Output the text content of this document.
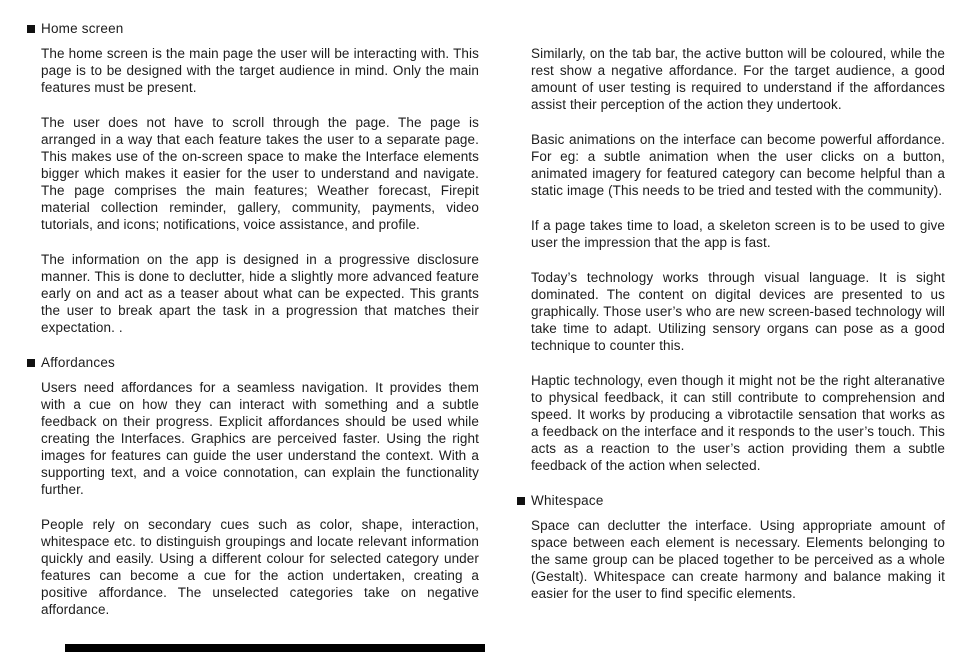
Home screen

The home screen is the main page the user will be interacting with. This page is to be designed with the target audience in mind. Only the main features must be present.

The user does not have to scroll through the page. The page is arranged in a way that each feature takes the user to a separate page. This makes use of the on-screen space to make the Interface elements bigger which makes it easier for the user to understand and navigate. The page comprises the main features; Weather forecast, Firepit material collection reminder, gallery, community, payments, video tutorials, and icons; notifications, voice assistance, and profile.

The information on the app is designed in a progressive disclosure manner. This is done to declutter, hide a slightly more advanced feature early on and act as a teaser about what can be expected. This grants the user to break apart the task in a progression that matches their expectation. .

Affordances

Users need affordances for a seamless navigation. It provides them with a cue on how they can interact with something and a subtle feedback on their progress. Explicit affordances should be used while creating the Interfaces. Graphics are perceived faster. Using the right images for features can guide the user understand the context. With a supporting text, and a voice connotation, can explain the functionality further.

People rely on secondary cues such as color, shape, interaction, whitespace etc. to distinguish groupings and locate relevant information quickly and easily. Using a different colour for selected category under features can become a cue for the action undertaken, creating a positive affordance. The unselected categories take on negative affordance.

Similarly, on the tab bar, the active button will be coloured, while the rest show a negative affordance. For the target audience, a good amount of user testing is required to understand if the affordances assist their perception of the action they undertook.

Basic animations on the interface can become powerful affordance. For eg: a subtle animation when the user clicks on a button, animated imagery for featured category can become helpful than a static image (This needs to be tried and tested with the community).

If a page takes time to load, a skeleton screen is to be used to give user the impression that the app is fast.

Today’s technology works through visual language. It is sight dominated. The content on digital devices are presented to us graphically. Those user’s who are new screen-based technology will take time to adapt. Utilizing sensory organs can pose as a good technique to counter this.

Haptic technology, even though it might not be the right alteranative to physical feedback, it can still contribute to comprehension and speed. It works by producing a vibrotactile sensation that works as a feedback on the interface and it responds to the user’s touch. This acts as a reaction to the user’s action providing them a subtle feedback of the action when selected.

Whitespace

Space can declutter the interface. Using appropriate amount of space between each element is necessary. Elements belonging to the same group can be placed together to be perceived as a whole (Gestalt). Whitespace can create harmony and balance making it easier for the user to find specific elements.
